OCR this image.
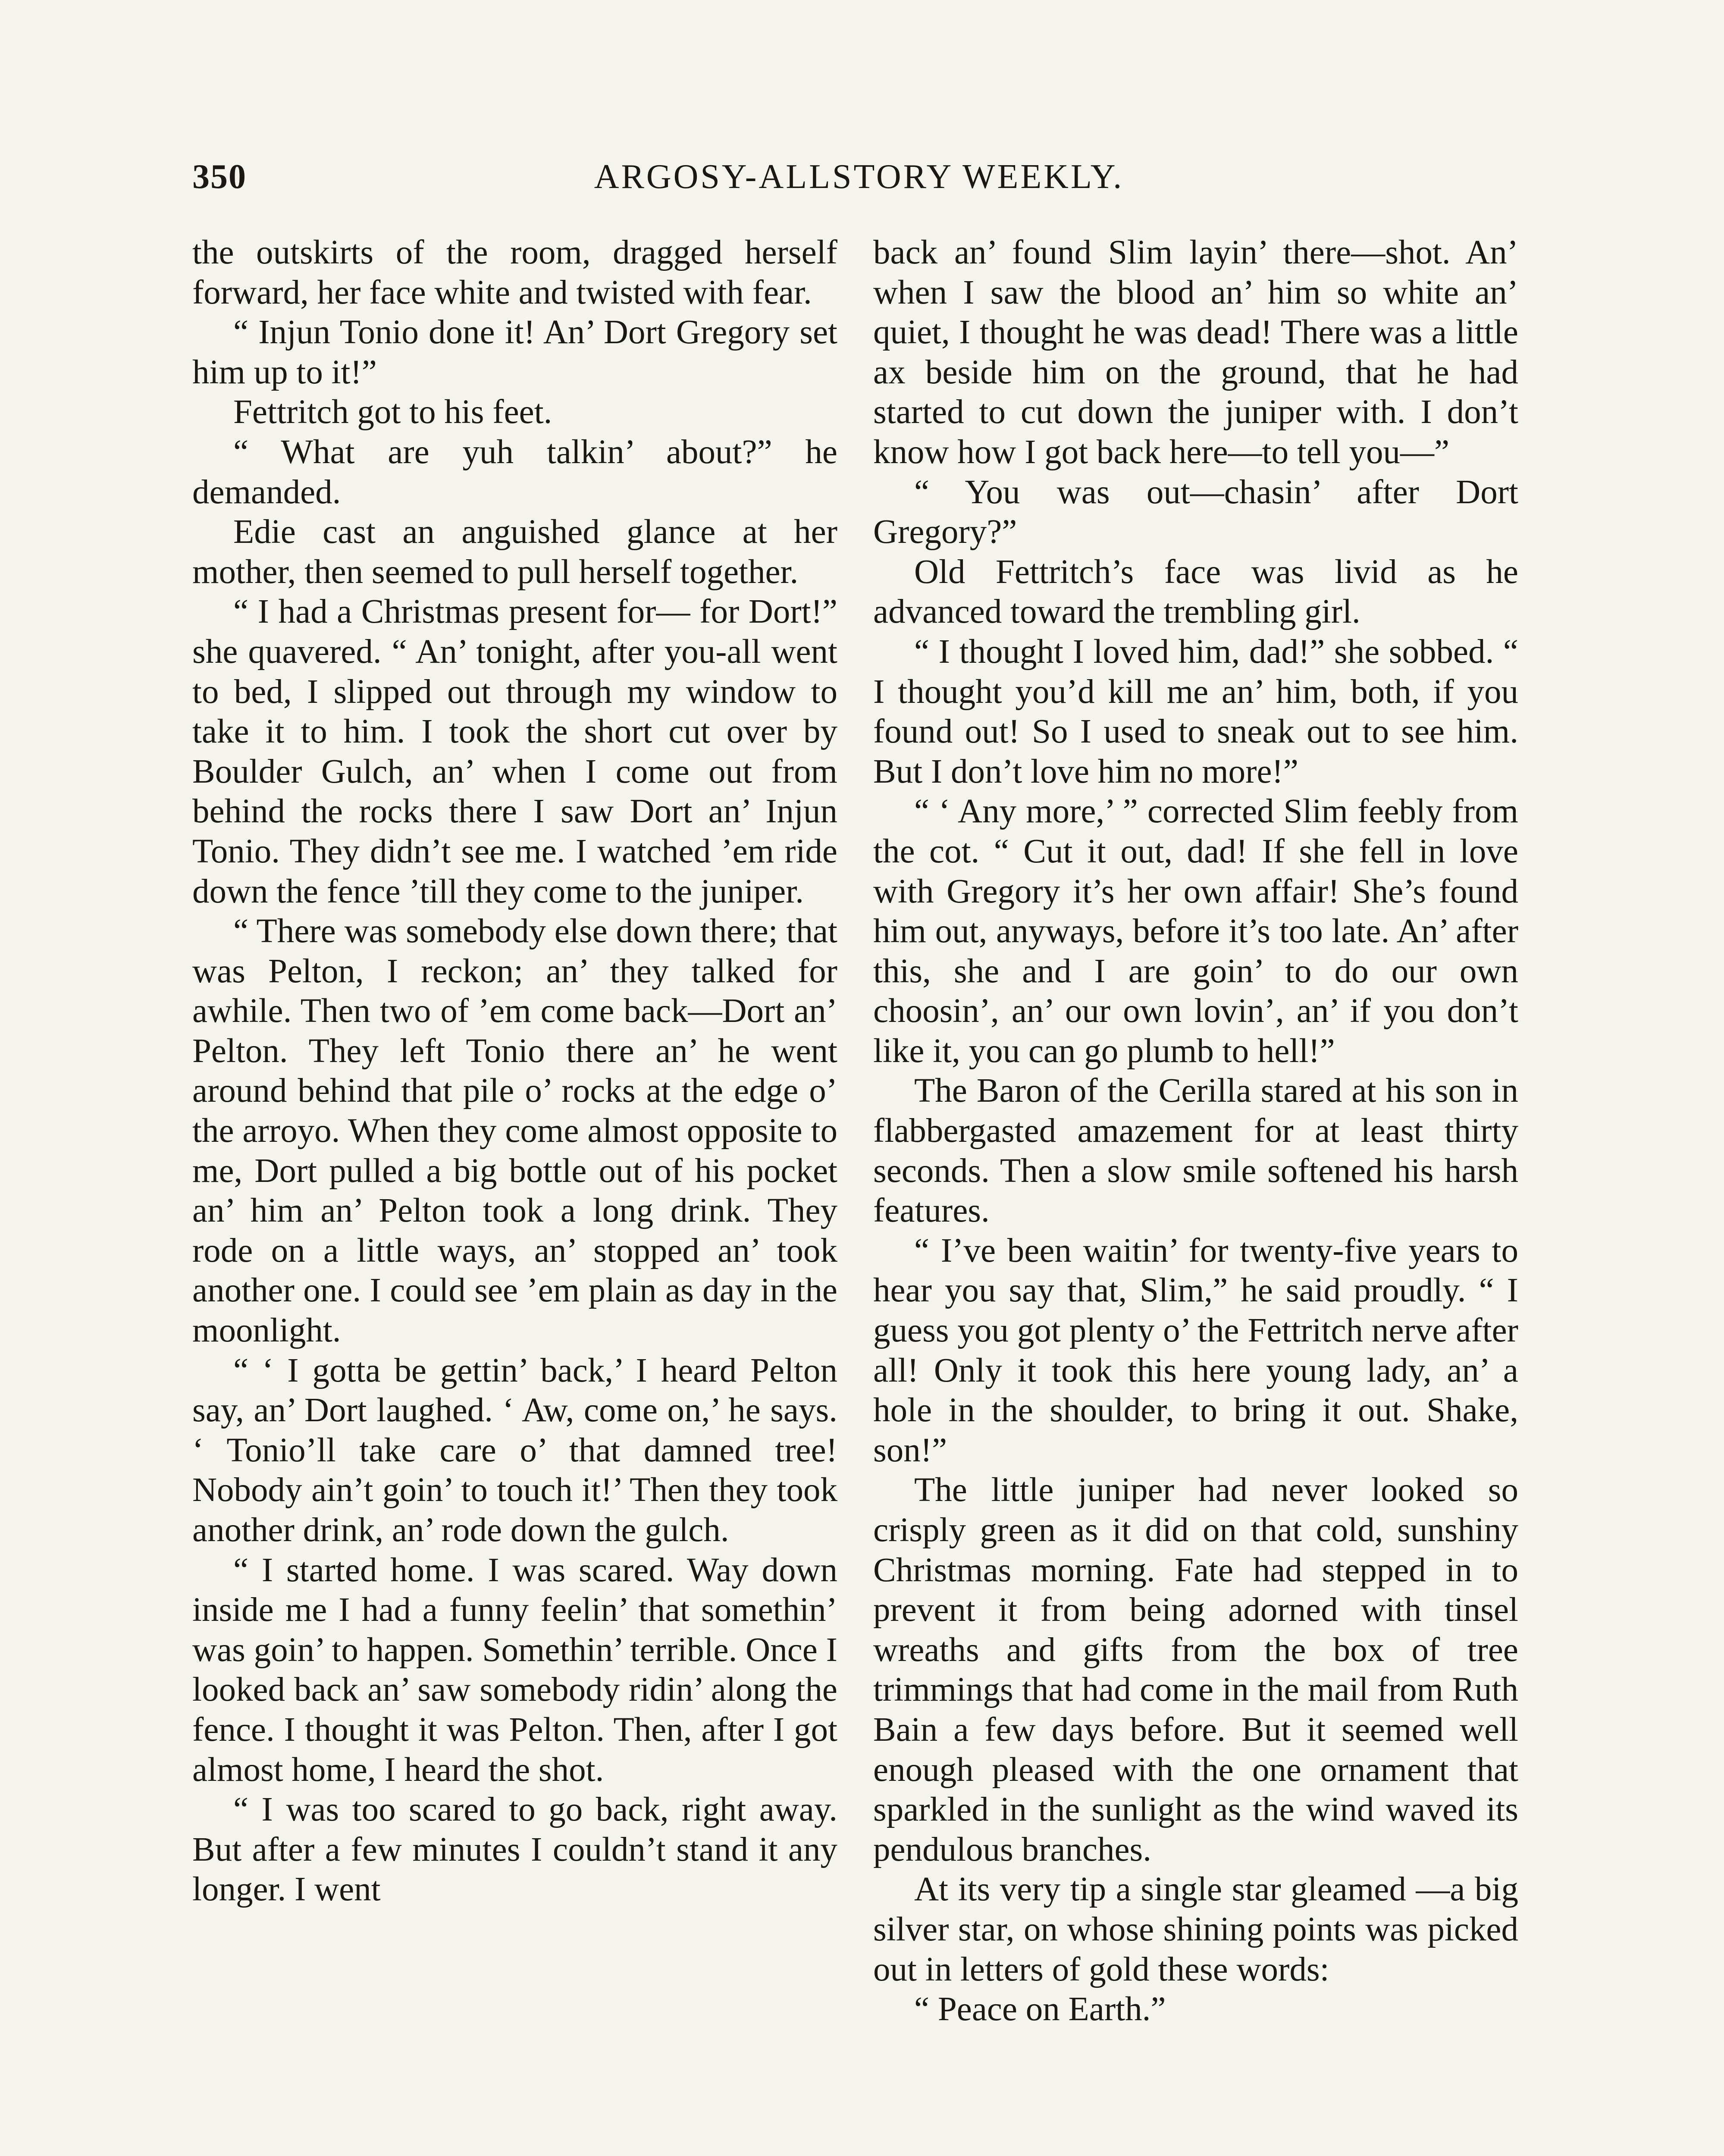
350	ARGOSY-ALLSTORY WEEKLY.

the outskirts of the room, dragged herself forward, her face white and twisted with fear.

“ Injun Tonio done it! An’ Dort Gregory set him up to it!”

Fettritch got to his feet.

“ What are yuh talkin’ about?” he demanded.

Edie cast an anguished glance at her mother, then seemed to pull herself together.

“ I had a Christmas present for— for Dort!” she quavered. “ An’ tonight, after you-all went to bed, I slipped out through my window to take it to him. I took the short cut over by Boulder Gulch, an’ when I come out from behind the rocks there I saw Dort an’ Injun Tonio. They didn’t see me. I watched ’em ride down the fence ’till they come to the juniper.

“ There was somebody else down there; that was Pelton, I reckon; an’ they talked for awhile. Then two of ’em come back—Dort an’ Pelton. They left Tonio there an’ he went around behind that pile o’ rocks at the edge o’ the arroyo. When they come almost opposite to me, Dort pulled a big bottle out of his pocket an’ him an’ Pelton took a long drink. They rode on a little ways, an’ stopped an’ took another one. I could see ’em plain as day in the moonlight.

“ ‘ I gotta be gettin’ back,’ I heard Pelton say, an’ Dort laughed. ‘ Aw, come on,’ he says. ‘ Tonio’ll take care o’ that damned tree! Nobody ain’t goin’ to touch it!’ Then they took another drink, an’ rode down the gulch.

“ I started home. I was scared. Way down inside me I had a funny feelin’ that somethin’ was goin’ to happen. Somethin’ terrible. Once I looked back an’ saw somebody ridin’ along the fence. I thought it was Pelton. Then, after I got almost home, I heard the shot.

“ I was too scared to go back, right away. But after a few minutes I couldn’t stand it any longer. I went

back an’ found Slim layin’ there—shot. An’ when I saw the blood an’ him so white an’ quiet, I thought he was dead! There was a little ax beside him on the ground, that he had started to cut down the juniper with. I don’t know how I got back here—to tell you—”

“ You was out—chasin’ after Dort Gregory?”

Old Fettritch’s face was livid as he advanced toward the trembling girl.

“ I thought I loved him, dad!” she sobbed. “ I thought you’d kill me an’ him, both, if you found out! So I used to sneak out to see him. But I don’t love him no more!”

“ ‘ Any more,’ ” corrected Slim feebly from the cot. “ Cut it out, dad! If she fell in love with Gregory it’s her own affair! She’s found him out, anyways, before it’s too late. An’ after this, she and I are goin’ to do our own choosin’, an’ our own lovin’, an’ if you don’t like it, you can go plumb to hell!”

The Baron of the Cerilla stared at his son in flabbergasted amazement for at least thirty seconds. Then a slow smile softened his harsh features.

“ I’ve been waitin’ for twenty-five years to hear you say that, Slim,” he said proudly. “ I guess you got plenty o’ the Fettritch nerve after all! Only it took this here young lady, an’ a hole in the shoulder, to bring it out. Shake, son!”

The little juniper had never looked so crisply green as it did on that cold, sunshiny Christmas morning. Fate had stepped in to prevent it from being adorned with tinsel wreaths and gifts from the box of tree trimmings that had come in the mail from Ruth Bain a few days before. But it seemed well enough pleased with the one ornament that sparkled in the sunlight as the wind waved its pendulous branches.

At its very tip a single star gleamed —a big silver star, on whose shining points was picked out in letters of gold these words:

“ Peace on Earth.”
